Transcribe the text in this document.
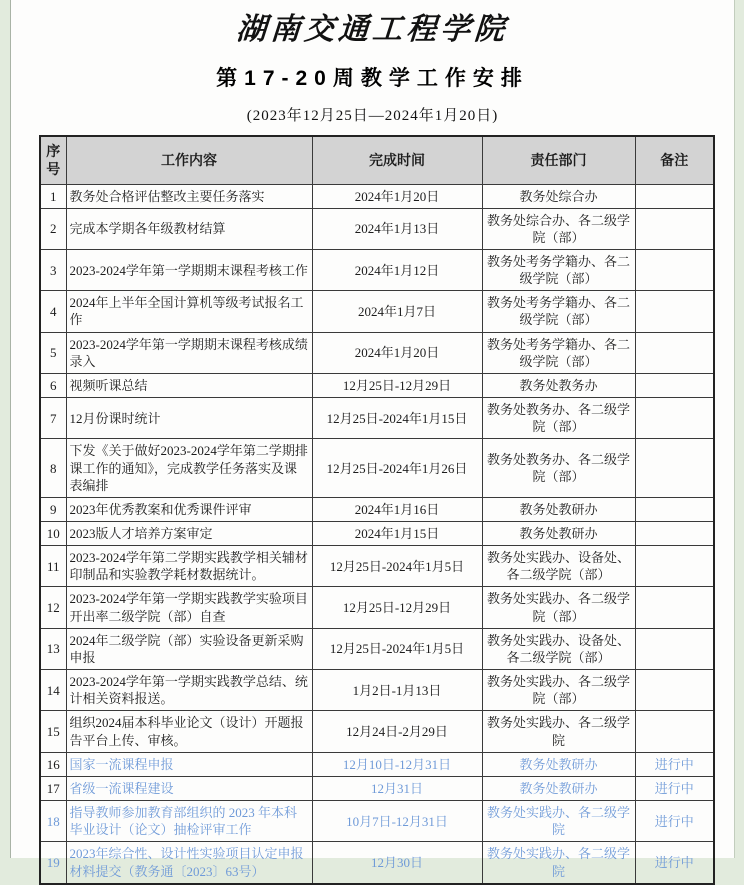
湖南交通工程学院
第17-20周教学工作安排
(2023年12月25日—2024年1月20日)
序号	工作内容	完成时间	责任部门	备注
1	教务处合格评估整改主要任务落实	2024年1月20日	教务处综合办	
2	完成本学期各年级教材结算	2024年1月13日	教务处综合办、各二级学院（部）	
3	2023-2024学年第一学期期末课程考核工作	2024年1月12日	教务处考务学籍办、各二级学院（部）	
4	2024年上半年全国计算机等级考试报名工作	2024年1月7日	教务处考务学籍办、各二级学院（部）	
5	2023-2024学年第一学期期末课程考核成绩录入	2024年1月20日	教务处考务学籍办、各二级学院（部）	
6	视频听课总结	12月25日-12月29日	教务处教务办	
7	12月份课时统计	12月25日-2024年1月15日	教务处教务办、各二级学院（部）	
8	下发《关于做好2023-2024学年第二学期排课工作的通知》，完成教学任务落实及课表编排	12月25日-2024年1月26日	教务处教务办、各二级学院（部）	
9	2023年优秀教案和优秀课件评审	2024年1月16日	教务处教研办	
10	2023版人才培养方案审定	2024年1月15日	教务处教研办	
11	2023-2024学年第二学期实践教学相关辅材印制品和实验教学耗材数据统计。	12月25日-2024年1月5日	教务处实践办、设备处、各二级学院（部）	
12	2023-2024学年第一学期实践教学实验项目开出率二级学院（部）自查	12月25日-12月29日	教务处实践办、各二级学院（部）	
13	2024年二级学院（部）实验设备更新采购申报	12月25日-2024年1月5日	教务处实践办、设备处、各二级学院（部）	
14	2023-2024学年第一学期实践教学总结、统计相关资料报送。	1月2日-1月13日	教务处实践办、各二级学院（部）	
15	组织2024届本科毕业论文（设计）开题报告平台上传、审核。	12月24日-2月29日	教务处实践办、各二级学院	
16	国家一流课程申报	12月10日-12月31日	教务处教研办	进行中
17	省级一流课程建设	12月31日	教务处教研办	进行中
18	指导教师参加教育部组织的 2023 年本科毕业设计（论文）抽检评审工作	10月7日-12月31日	教务处实践办、各二级学院	进行中
19	2023年综合性、设计性实验项目认定申报材料提交（教务通〔2023〕63号）	12月30日	教务处实践办、各二级学院	进行中
